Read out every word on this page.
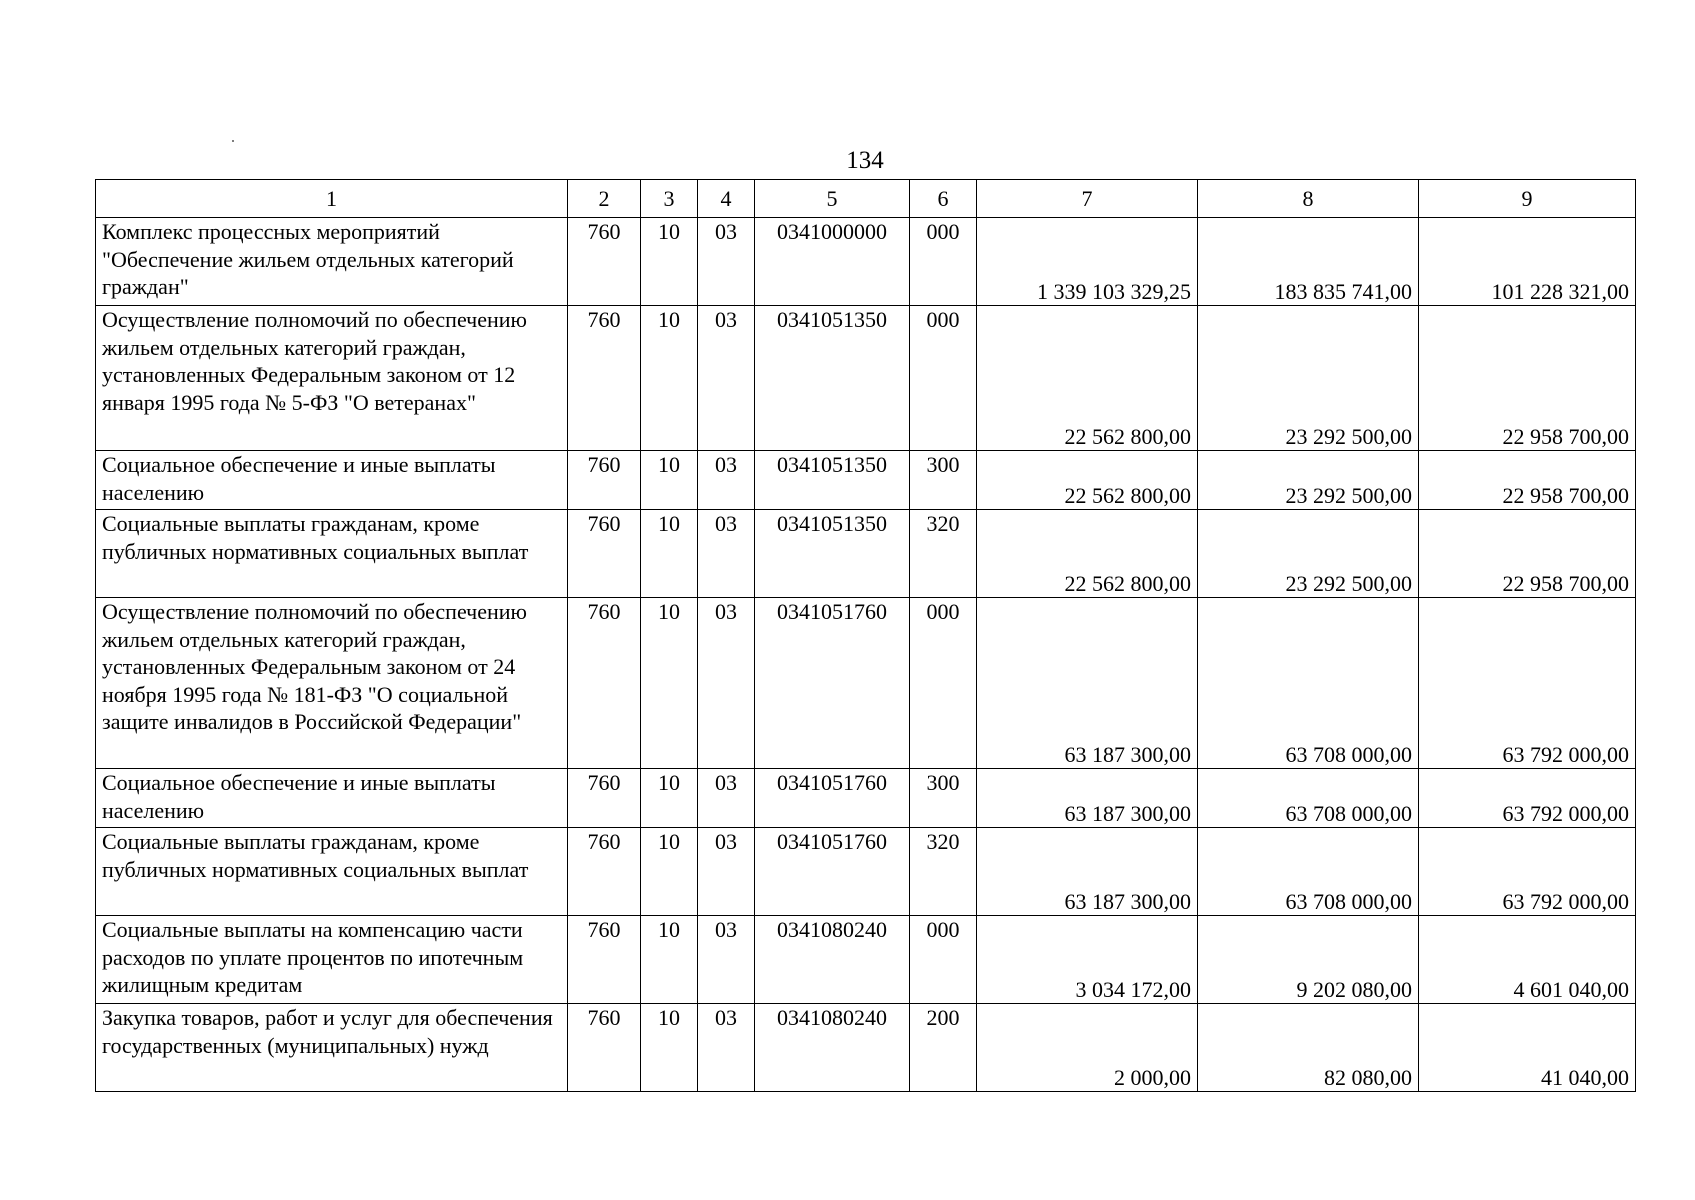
134
1	2	3	4	5	6	7	8	9
Комплекс процессных мероприятий "Обеспечение жильем отдельных категорий граждан"	760	10	03	0341000000	000	1 339 103 329,25	183 835 741,00	101 228 321,00
Осуществление полномочий по обеспечению жильем отдельных категорий граждан, установленных Федеральным законом от 12 января 1995 года № 5-ФЗ "О ветеранах"	760	10	03	0341051350	000	22 562 800,00	23 292 500,00	22 958 700,00
Социальное обеспечение и иные выплаты населению	760	10	03	0341051350	300	22 562 800,00	23 292 500,00	22 958 700,00
Социальные выплаты гражданам, кроме публичных нормативных социальных выплат	760	10	03	0341051350	320	22 562 800,00	23 292 500,00	22 958 700,00
Осуществление полномочий по обеспечению жильем отдельных категорий граждан, установленных Федеральным законом от 24 ноября 1995 года № 181-ФЗ "О социальной защите инвалидов в Российской Федерации"	760	10	03	0341051760	000	63 187 300,00	63 708 000,00	63 792 000,00
Социальное обеспечение и иные выплаты населению	760	10	03	0341051760	300	63 187 300,00	63 708 000,00	63 792 000,00
Социальные выплаты гражданам, кроме публичных нормативных социальных выплат	760	10	03	0341051760	320	63 187 300,00	63 708 000,00	63 792 000,00
Социальные выплаты на компенсацию части расходов по уплате процентов по ипотечным жилищным кредитам	760	10	03	0341080240	000	3 034 172,00	9 202 080,00	4 601 040,00
Закупка товаров, работ и услуг для обеспечения государственных (муниципальных) нужд	760	10	03	0341080240	200	2 000,00	82 080,00	41 040,00
